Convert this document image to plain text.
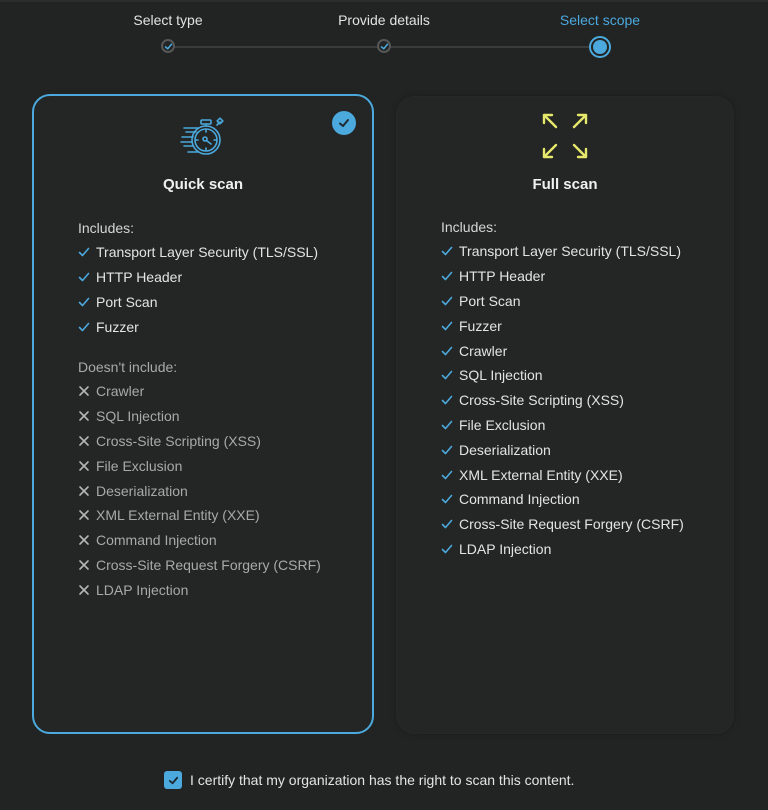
Select type	Provide details	Select scope
Quick scan
Includes:
Transport Layer Security (TLS/SSL)
HTTP Header
Port Scan
Fuzzer
Doesn't include:
Crawler
SQL Injection
Cross-Site Scripting (XSS)
File Exclusion
Deserialization
XML External Entity (XXE)
Command Injection
Cross-Site Request Forgery (CSRF)
LDAP Injection
Full scan
Includes:
Transport Layer Security (TLS/SSL)
HTTP Header
Port Scan
Fuzzer
Crawler
SQL Injection
Cross-Site Scripting (XSS)
File Exclusion
Deserialization
XML External Entity (XXE)
Command Injection
Cross-Site Request Forgery (CSRF)
LDAP Injection
I certify that my organization has the right to scan this content.
